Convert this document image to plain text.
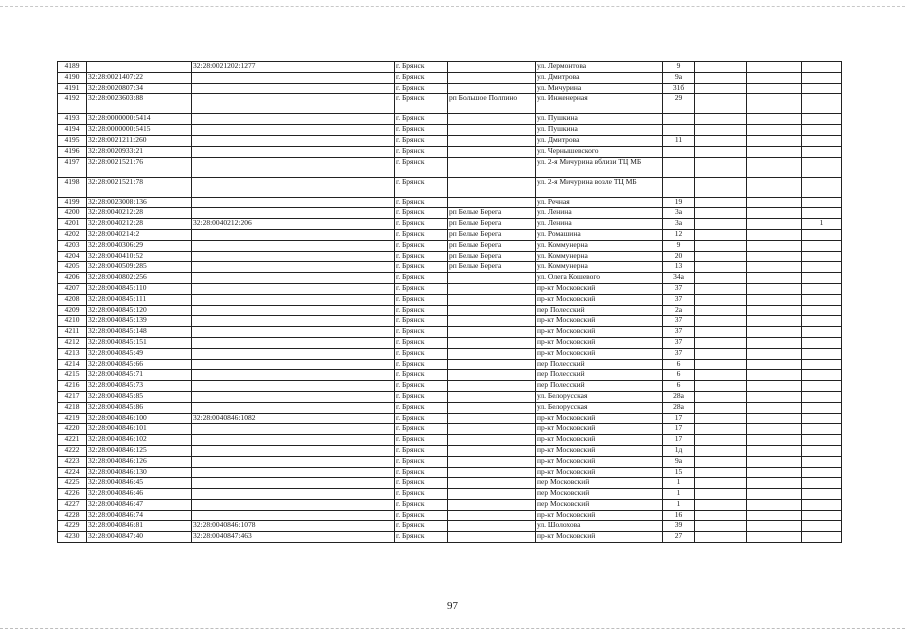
4189		32:28:0021202:1277	г. Брянск		ул. Лермонтова	9			
4190	32:28:0021407:22		г. Брянск		ул. Дмитрова	9а			
4191	32:28:0020807:34		г. Брянск		ул. Мичурина	31б			
4192	32:28:0023603:88		г. Брянск	рп Большое Полпино	ул. Инженерная	29			
4193	32:28:0000000:5414		г. Брянск		ул. Пушкина				
4194	32:28:0000000:5415		г. Брянск		ул. Пушкина				
4195	32:28:0021211:260		г. Брянск		ул. Дмитрова	11			
4196	32:28:0020933:21		г. Брянск		ул. Чернышевского				
4197	32:28:0021521:76		г. Брянск		ул. 2-я Мичурина вблизи ТЦ МБ				
4198	32:28:0021521:78		г. Брянск		ул. 2-я Мичурина возле ТЦ МБ				
4199	32:28:0023008:136		г. Брянск		ул. Речная	19			
4200	32:28:0040212:28		г. Брянск	рп Белые Берега	ул. Ленина	3а			
4201	32:28:0040212:28	32:28:0040212:206	г. Брянск	рп Белые Берега	ул. Ленина	3а			1
4202	32:28:0040214:2		г. Брянск	рп Белые Берега	ул. Ромашина	12			
4203	32:28:0040306:29		г. Брянск	рп Белые Берега	ул. Коммунерна	9			
4204	32:28:0040410:52		г. Брянск	рп Белые Берега	ул. Коммунерна	20			
4205	32:28:0040509:285		г. Брянск	рп Белые Берега	ул. Коммунерна	13			
4206	32:28:0040802:256		г. Брянск		ул. Олега Кошевого	34а			
4207	32:28:0040845:110		г. Брянск		пр-кт Московский	37			
4208	32:28:0040845:111		г. Брянск		пр-кт Московский	37			
4209	32:28:0040845:120		г. Брянск		пер Полесский	2а			
4210	32:28:0040845:139		г. Брянск		пр-кт Московский	37			
4211	32:28:0040845:148		г. Брянск		пр-кт Московский	37			
4212	32:28:0040845:151		г. Брянск		пр-кт Московский	37			
4213	32:28:0040845:49		г. Брянск		пр-кт Московский	37			
4214	32:28:0040845:66		г. Брянск		пер Полесский	6			
4215	32:28:0040845:71		г. Брянск		пер Полесский	6			
4216	32:28:0040845:73		г. Брянск		пер Полесский	6			
4217	32:28:0040845:85		г. Брянск		ул. Белорусская	28а			
4218	32:28:0040845:86		г. Брянск		ул. Белорусская	28а			
4219	32:28:0040846:100	32:28:0040846:1082	г. Брянск		пр-кт Московский	17			
4220	32:28:0040846:101		г. Брянск		пр-кт Московский	17			
4221	32:28:0040846:102		г. Брянск		пр-кт Московский	17			
4222	32:28:0040846:125		г. Брянск		пр-кт Московский	1д			
4223	32:28:0040846:126		г. Брянск		пр-кт Московский	9а			
4224	32:28:0040846:130		г. Брянск		пр-кт Московский	15			
4225	32:28:0040846:45		г. Брянск		пер Московский	1			
4226	32:28:0040846:46		г. Брянск		пер Московский	1			
4227	32:28:0040846:47		г. Брянск		пер Московский	1			
4228	32:28:0040846:74		г. Брянск		пр-кт Московский	16			
4229	32:28:0040846:81	32:28:0040846:1078	г. Брянск		ул. Шолохова	39			
4230	32:28:0040847:40	32:28:0040847:463	г. Брянск		пр-кт Московский	27			
97
